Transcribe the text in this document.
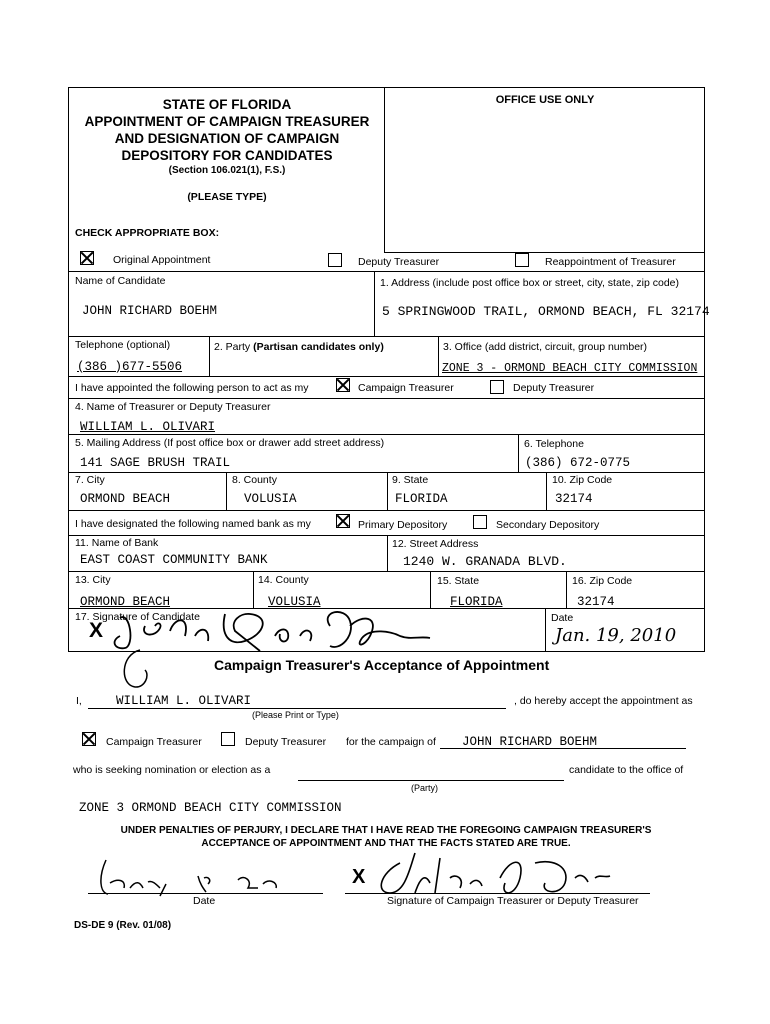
STATE OF FLORIDA
APPOINTMENT OF CAMPAIGN TREASURER
AND DESIGNATION OF CAMPAIGN
DEPOSITORY FOR CANDIDATES
(Section 106.021(1), F.S.)
(PLEASE TYPE)
OFFICE USE ONLY
CHECK APPROPRIATE BOX:
Original Appointment	Deputy Treasurer	Reappointment of Treasurer
Name of Candidate
JOHN RICHARD BOEHM
1. Address (include post office box or street, city, state, zip code)
5 SPRINGWOOD TRAIL, ORMOND BEACH, FL 32174
Telephone (optional)
(386 )677-5506
2. Party (Partisan candidates only)	3. Office (add district, circuit, group number)
ZONE 3 - ORMOND BEACH CITY COMMISSION
I have appointed the following person to act as my	Campaign Treasurer	Deputy Treasurer
4. Name of Treasurer or Deputy Treasurer
WILLIAM L. OLIVARI
5. Mailing Address (If post office box or drawer add street address)
141 SAGE BRUSH TRAIL
6. Telephone
(386) 672-0775
7. City
ORMOND BEACH
8. County
VOLUSIA
9. State
FLORIDA
10. Zip Code
32174
I have designated the following named bank as my	Primary Depository	Secondary Depository
11. Name of Bank
EAST COAST COMMUNITY BANK
12. Street Address
1240 W. GRANADA BLVD.
13. City
ORMOND BEACH
14. County
VOLUSIA
15. State
FLORIDA
16. Zip Code
32174
17. Signature of Candidate
X
Date
Jan. 19, 2010
Campaign Treasurer's Acceptance of Appointment
I,	WILLIAM L. OLIVARI	, do hereby accept the appointment as
(Please Print or Type)
Campaign Treasurer	Deputy Treasurer for the campaign of JOHN RICHARD BOEHM
who is seeking nomination or election as a	candidate to the office of
(Party)
ZONE 3 ORMOND BEACH CITY COMMISSION
UNDER PENALTIES OF PERJURY, I DECLARE THAT I HAVE READ THE FOREGOING CAMPAIGN TREASURER'S
ACCEPTANCE OF APPOINTMENT AND THAT THE FACTS STATED ARE TRUE.
Date
X
Signature of Campaign Treasurer or Deputy Treasurer
DS-DE 9 (Rev. 01/08)
